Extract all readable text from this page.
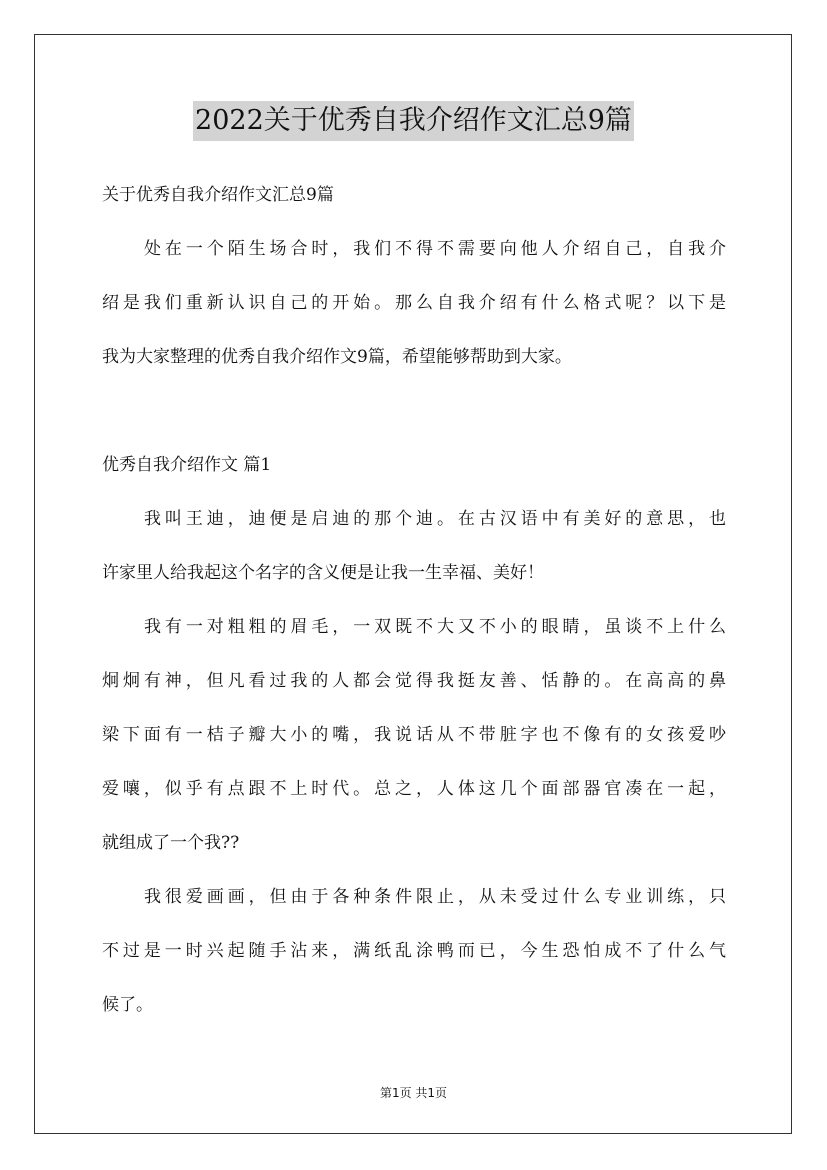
2022关于优秀自我介绍作文汇总9篇
关于优秀自我介绍作文汇总9篇
处在一个陌生场合时，我们不得不需要向他人介绍自己，自我介
绍是我们重新认识自己的开始。那么自我介绍有什么格式呢？以下是
我为大家整理的优秀自我介绍作文9篇，希望能够帮助到大家。
优秀自我介绍作文 篇1
我叫王迪，迪便是启迪的那个迪。在古汉语中有美好的意思，也
许家里人给我起这个名字的含义便是让我一生幸福、美好！
我有一对粗粗的眉毛，一双既不大又不小的眼睛，虽谈不上什么
炯炯有神，但凡看过我的人都会觉得我挺友善、恬静的。在高高的鼻
梁下面有一桔子瓣大小的嘴，我说话从不带脏字也不像有的女孩爱吵
爱嚷，似乎有点跟不上时代。总之，人体这几个面部器官凑在一起，
就组成了一个我??
我很爱画画，但由于各种条件限止，从未受过什么专业训练，只
不过是一时兴起随手沾来，满纸乱涂鸭而已，今生恐怕成不了什么气
候了。
第1页 共1页
